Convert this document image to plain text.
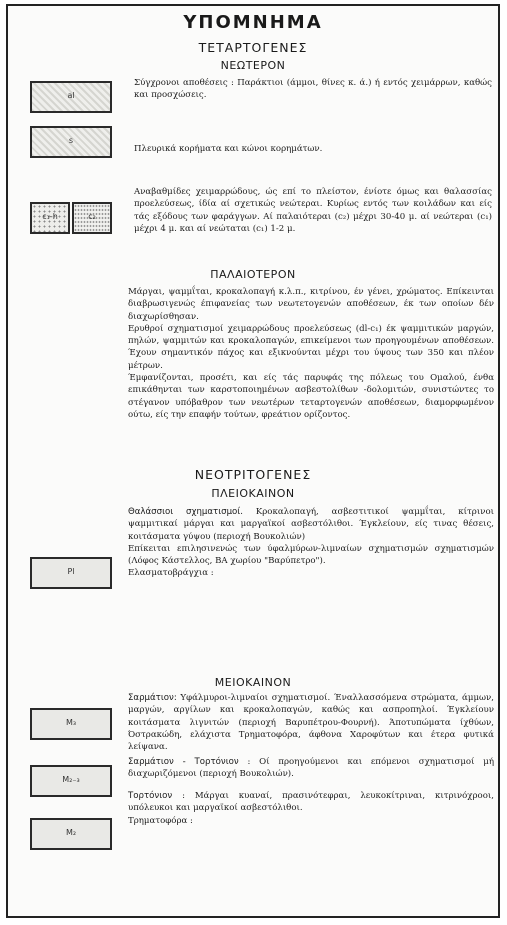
ΥΠΟΜΝΗΜΑ
ΤΕΤΑΡΤΟΓΕΝΕΣ
ΝΕΩΤΕΡΟΝ
al
Σύγχρονοι αποθέσεις : Παράκτιοι (άμμοι, θίνες κ. ά.) ή εντός χειμάρρων, καθώς και προσχώσεις.
s
Πλευρικά κορήματα και κώνοι κορημάτων.
c₁-h	c₂
Αναβαθμίδες χειμαρρώδους, ώς επί το πλείστον, ένίοτε όμως και θαλασσίας προελεύσεως, ίδία αί σχετικώς νεώτεραι. Κυρίως εντός των κοιλάδων και είς τάς εξόδους των φαράγγων. Αί παλαιότεραι (c₂) μέχρι 30-40 μ. αί νεώτεραι (c₁) μέχρι 4 μ. και αί νεώταται (c₁) 1-2 μ.
ΠΑΛΑΙΟΤΕΡΟΝ

Μάργαι, ψαμμΐται, κροκαλοπαγή κ.λ.π., κιτρίνου, έν γένει, χρώματος. Επίκεινται διαβρωσιγενώς έπιφανείας των νεωτετογενών αποθέσεων, έκ των οποίων δέν διαχωρίσθησαν.

Ερυθροί σχηματισμοί χειμαρρώδους προελεύσεως (dl-c₁) έκ ψαμμιτικών μαργών, πηλών, ψαμμιτών και κροκαλοπαγών, επικείμενοι των προηγουμένων αποθέσεων. Έχουν σημαντικόν πάχος και εξικνούνται μέχρι του ύψους των 350 και πλέον μέτρων.

Έμφανίζονται, προσέτι, και είς τάς παρυφάς της πόλεως του Ομαλού, ένθα επικάθηνται των καρστοποιημένων ασβεστολίθων -δολομιτών, συνιστώντες το στέγανον υπόβαθρον των νεωτέρων τεταρτογενών αποθέσεων, διαμορφωμένον ούτω, είς την επαφήν τούτων, φρεάτιον ορίζοντος.

ΝΕΟΤΡΙΤΟΓΕΝΕΣ
ΠΛΕΙΟΚΑΙΝΟΝ
Pl

Θαλάσσιοι σχηματισμοί. Κροκαλοπαγή, ασβεστιτικοί ψαμμΐται, κίτρινοι ψαμμιτικαί μάργαι και μαργαϊκοί ασβεστόλιθοι. Έγκλείουν, είς τινας θέσεις, κοιτάσματα γύψου (περιοχή Βουκολιών)

Επίκειται επιλησινενώς των ύφαλμύρων-λιμναίων σχηματισμών σχηματισμών (Λόφος Κάστελλος, ΒΑ χωρίου "Βαρύπετρο").

Ελασματοβράγχια :

ΜΕΙΟΚΑΙΝΟΝ
M₃

Σαρμάτιον: Υφάλμυροι-λιμναίοι σχηματισμοί. Έναλλασσόμενα στρώματα, άμμων, μαργών, αργίλων και κροκαλοπαγών, καθώς και ασπροπηλοί. Έγκλείουν κοιτάσματα λιγνιτών (περιοχή Βαρυπέτρου-Φουρνή). Άποτυπώματα ίχθύων, Όστρακώδη, ελάχιστα Τρηματοφόρα, άφθονα Χαροφύτων και έτερα φυτικά λείψανα.

M₂₋₃

Σαρμάτιον - Τορτόνιον : Οί προηγούμενοι και επόμενοι σχηματισμοί μή διαχωριζόμενοι (περιοχή Βουκολιών).

M₂

Τορτόνιον : Μάργαι κυαναί, πρασινότεφραι, λευκοκίτριναι, κιτρινόχροοι, υπόλευκοι και μαργαϊκοί ασβεστόλιθοι.

Τρηματοφόρα :
